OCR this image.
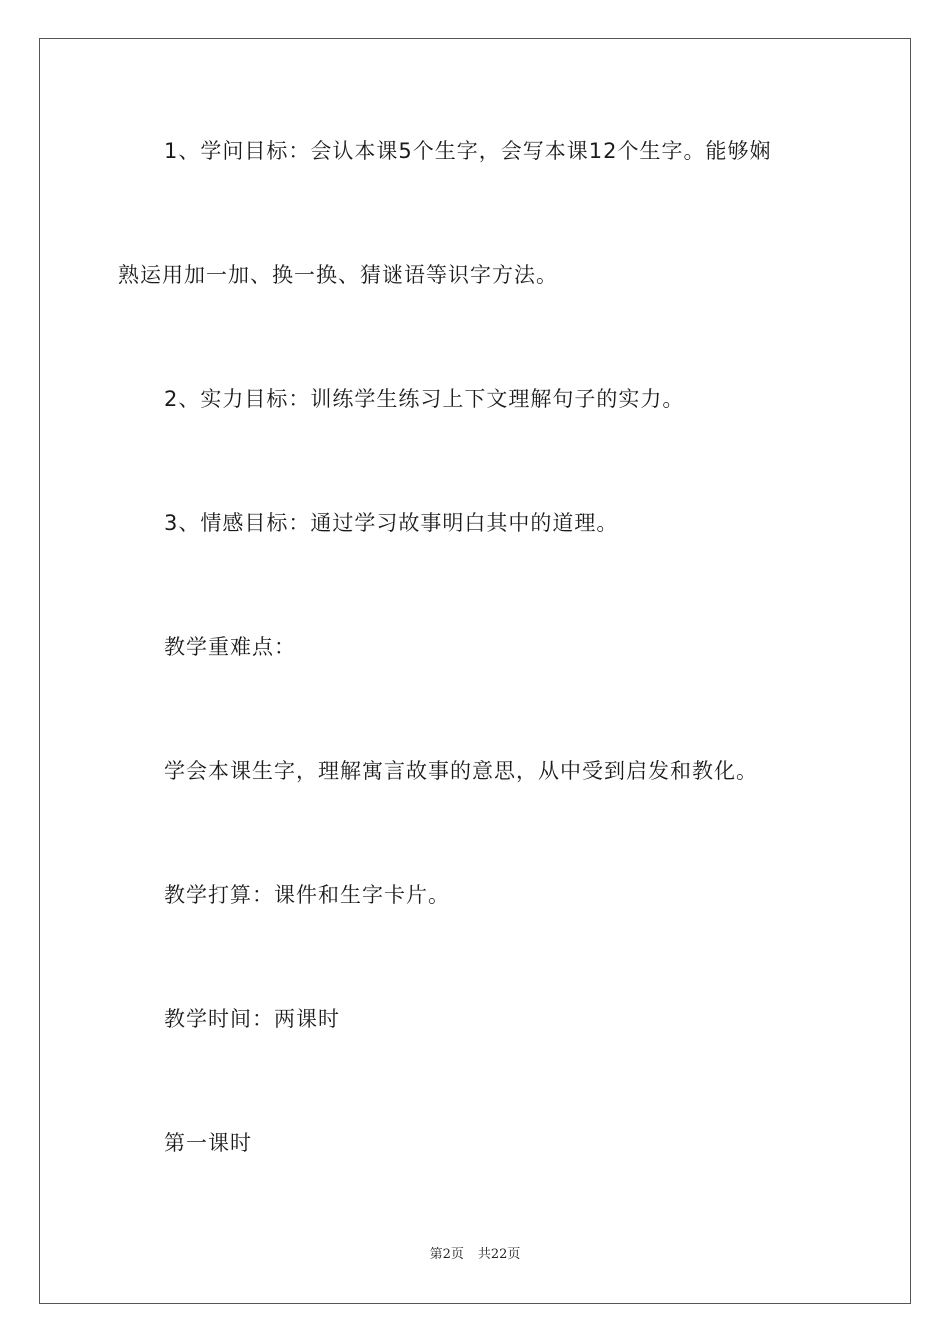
1、学问目标：会认本课5个生字，会写本课12个生字。能够娴
熟运用加一加、换一换、猜谜语等识字方法。
2、实力目标：训练学生练习上下文理解句子的实力。
3、情感目标：通过学习故事明白其中的道理。
教学重难点：
学会本课生字，理解寓言故事的意思，从中受到启发和教化。
教学打算：课件和生字卡片。
教学时间：两课时
第一课时
第2页 共22页
